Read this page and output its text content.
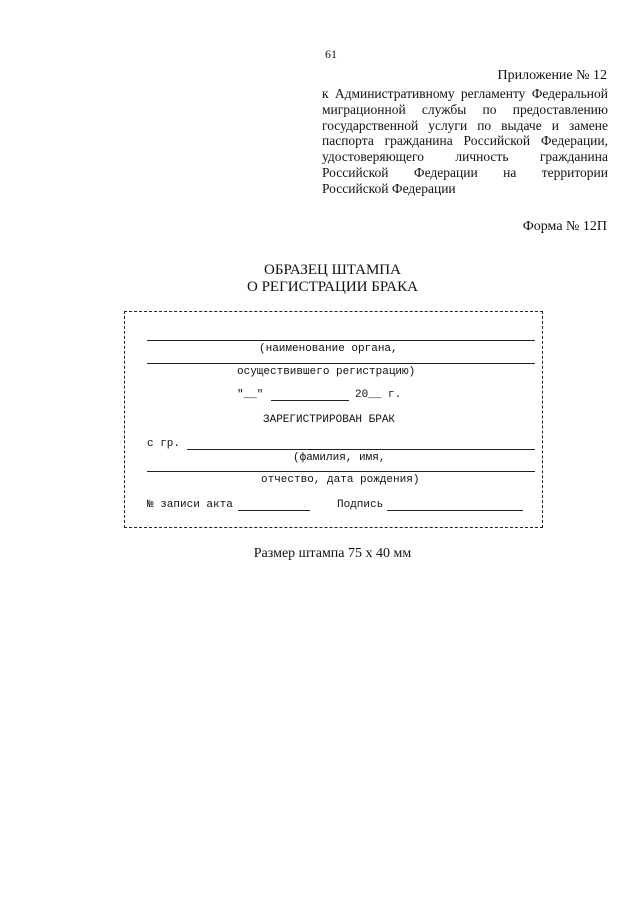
61
Приложение № 12
к Административному регламенту Федеральной миграционной службы по предоставлению государственной услуги по выдаче и замене паспорта гражданина Российской Федерации, удостоверяющего личность гражданина Российской Федерации на территории Российской Федерации
Форма № 12П
ОБРАЗЕЦ ШТАМПА
О РЕГИСТРАЦИИ БРАКА
(наименование органа,
осуществившего регистрацию)
"__"	20__ г.
ЗАРЕГИСТРИРОВАН БРАК
с гр.
(фамилия, имя,
отчество, дата рождения)
№ записи акта	Подпись
Размер штампа 75 х 40 мм
